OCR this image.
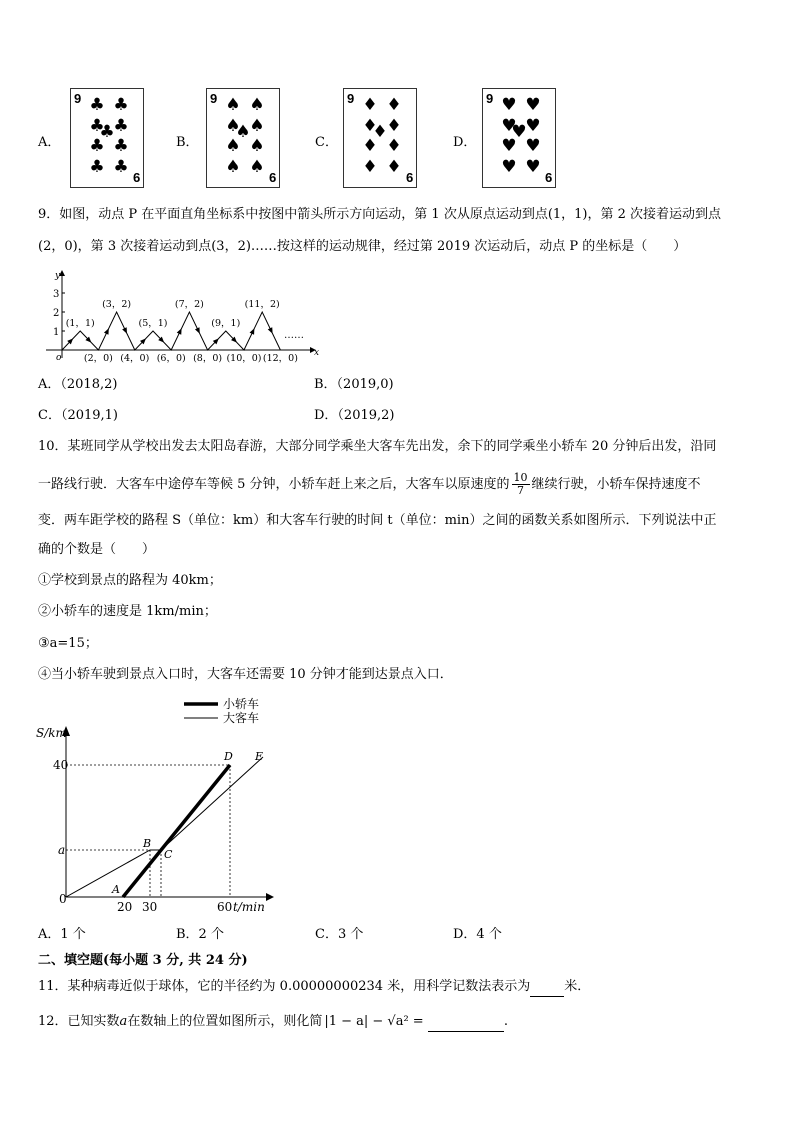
A．
9
9
♣ ♣
♣ ♣
♣ ♣
♣ ♣
♣
B．
9
9
♠ ♠
♠ ♠
♠ ♠
♠ ♠
♠
C．
9
9
♦ ♦
♦ ♦
♦ ♦
♦ ♦
♦
D．
9
9
♥ ♥
♥ ♥
♥ ♥
♥ ♥
♥
9．如图，动点 P 在平面直角坐标系中按图中箭头所示方向运动，第 1 次从原点运动到点(1，1)，第 2 次接着运动到点
(2，0)，第 3 次接着运动到点(3，2)……按这样的运动规律，经过第 2019 次运动后，动点 P 的坐标是（　　）
y
x
o
1
2
3
(1，1)
(2，0)
(3，2)
(4，0)
(5，1)
(6，0)
(7，2)
(8，0)
(9，1)
(10，0)
(11，2)
(12，0)
……
A．（2018,2)	B．（2019,0)
C．（2019,1)	D．（2019,2)
10．某班同学从学校出发去太阳岛春游，大部分同学乘坐大客车先出发，余下的同学乘坐小轿车 20 分钟后出发，沿同
一路线行驶．大客车中途停车等候 5 分钟，小轿车赶上来之后，大客车以原速度的 $\frac{10}{7}$ 继续行驶，小轿车保持速度不
变．两车距学校的路程 S（单位：km）和大客车行驶的时间 t（单位：min）之间的函数关系如图所示．下列说法中正
确的个数是（　　）
①学校到景点的路程为 40km；
②小轿车的速度是 1km/min；
③a=15；
④当小轿车驶到景点入口时，大客车还需要 10 分钟才能到达景点入口．
小轿车
大客车
S/km
t/min
40
a
0
20 30	60
A
B
C
D E
A．1 个	B．2 个	C．3 个	D．4 个
二、填空题(每小题 3 分, 共 24 分)
11．某种病毒近似于球体，它的半径约为 0.00000000234 米，用科学记数法表示为	米．
12．已知实数a在数轴上的位置如图所示，则化简 |1 − a| − √a² =	.
